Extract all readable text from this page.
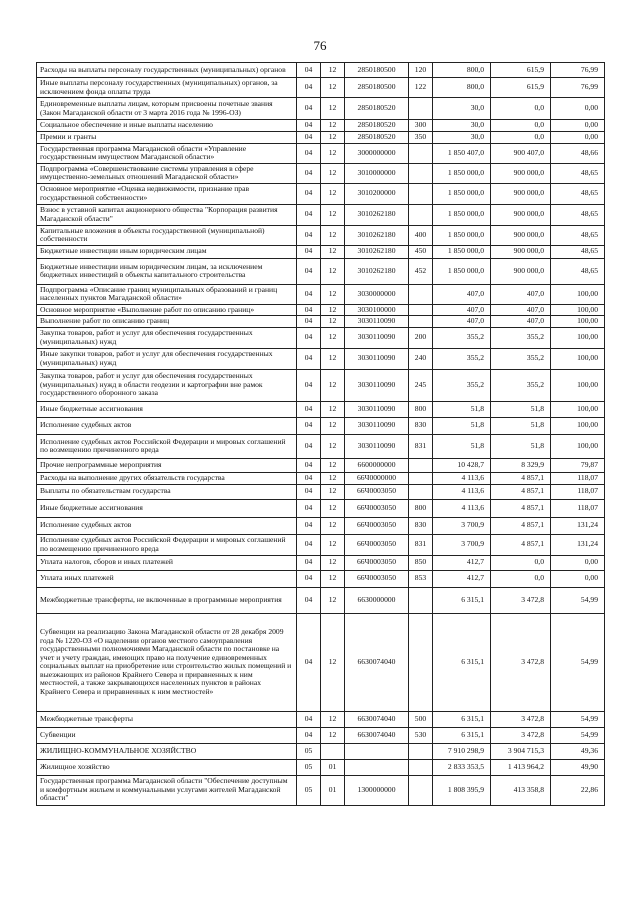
76
Расходы на выплаты персоналу государственных (муниципальных) органов	04	12	2850180500	120	800,0	615,9	76,99
Иные выплаты персоналу государственных (муниципальных) органов, за исключением фонда оплаты труда	04	12	2850180500	122	800,0	615,9	76,99
Единовременные выплаты лицам, которым присвоены почетные звания (Закон Магаданской области от 3 марта 2016 года № 1996-ОЗ)	04	12	2850180520		30,0	0,0	0,00
Социальное обеспечение и иные выплаты населению	04	12	2850180520	300	30,0	0,0	0,00
Премии и гранты	04	12	2850180520	350	30,0	0,0	0,00
Государственная программа Магаданской области «Управление государственным имуществом Магаданской области»	04	12	3000000000		1 850 407,0	900 407,0	48,66
Подпрограмма «Совершенствование системы управления в сфере имущественно-земельных отношений Магаданской области»	04	12	3010000000		1 850 000,0	900 000,0	48,65
Основное мероприятие «Оценка недвижимости, признание прав государственной собственности»	04	12	3010200000		1 850 000,0	900 000,0	48,65
Взнос в уставной капитал акционерного общества "Корпорация развития Магаданской области"	04	12	3010262180		1 850 000,0	900 000,0	48,65
Капитальные вложения в объекты государственной (муниципальной) собственности	04	12	3010262180	400	1 850 000,0	900 000,0	48,65
Бюджетные инвестиции иным юридическим лицам	04	12	3010262180	450	1 850 000,0	900 000,0	48,65
Бюджетные инвестиции иным юридическим лицам, за исключением бюджетных инвестиций в объекты капитального строительства	04	12	3010262180	452	1 850 000,0	900 000,0	48,65
Подпрограмма «Описание границ муниципальных образований и границ населенных пунктов Магаданской области»	04	12	3030000000		407,0	407,0	100,00
Основное мероприятие «Выполнение работ по описанию границ»	04	12	3030100000		407,0	407,0	100,00
Выполнение работ по описанию границ	04	12	3030110090		407,0	407,0	100,00
Закупка товаров, работ и услуг для обеспечения государственных (муниципальных) нужд	04	12	3030110090	200	355,2	355,2	100,00
Иные закупки товаров, работ и услуг для обеспечения государственных (муниципальных) нужд	04	12	3030110090	240	355,2	355,2	100,00
Закупка товаров, работ и услуг для обеспечения государственных (муниципальных) нужд в области геодезии и картографии вне рамок государственного оборонного заказа	04	12	3030110090	245	355,2	355,2	100,00
Иные бюджетные ассигнования	04	12	3030110090	800	51,8	51,8	100,00
Исполнение судебных актов	04	12	3030110090	830	51,8	51,8	100,00
Исполнение судебных актов Российской Федерации и мировых соглашений по возмещению причиненного вреда	04	12	3030110090	831	51,8	51,8	100,00
Прочие непрограммные мероприятия	04	12	6600000000		10 428,7	8 329,9	79,87
Расходы на выполнение других обязательств государства	04	12	66Ч0000000		4 113,6	4 857,1	118,07
Выплаты по обязательствам государства	04	12	66Ч0003050		4 113,6	4 857,1	118,07
Иные бюджетные ассигнования	04	12	66Ч0003050	800	4 113,6	4 857,1	118,07
Исполнение судебных актов	04	12	66Ч0003050	830	3 700,9	4 857,1	131,24
Исполнение судебных актов Российской Федерации и мировых соглашений по возмещению причиненного вреда	04	12	66Ч0003050	831	3 700,9	4 857,1	131,24
Уплата налогов, сборов и иных платежей	04	12	66Ч0003050	850	412,7	0,0	0,00
Уплата иных платежей	04	12	66Ч0003050	853	412,7	0,0	0,00
Межбюджетные трансферты, не включенные в программные мероприятия	04	12	66З0000000		6 315,1	3 472,8	54,99
Субвенции на реализацию Закона Магаданской области от 28 декабря 2009 года № 1220-ОЗ «О наделении органов местного самоуправления государственными полномочиями Магаданской области по постановке на учет и учету граждан, имеющих право на получение единовременных социальных выплат на приобретение или строительство жилых помещений и выезжающих из районов Крайнего Севера и приравненных к ним местностей, а также закрывающихся населенных пунктов в районах Крайнего Севера и приравненных к ним местностей»	04	12	66З0074040		6 315,1	3 472,8	54,99
Межбюджетные трансферты	04	12	66З0074040	500	6 315,1	3 472,8	54,99
Субвенции	04	12	66З0074040	530	6 315,1	3 472,8	54,99
ЖИЛИЩНО-КОММУНАЛЬНОЕ ХОЗЯЙСТВО	05				7 910 298,9	3 904 715,3	49,36
Жилищное хозяйство	05	01			2 833 353,5	1 413 964,2	49,90
Государственная программа Магаданской области "Обеспечение доступным и комфортным жильем и коммунальными услугами жителей Магаданской области"	05	01	1300000000		1 808 395,9	413 358,8	22,86
